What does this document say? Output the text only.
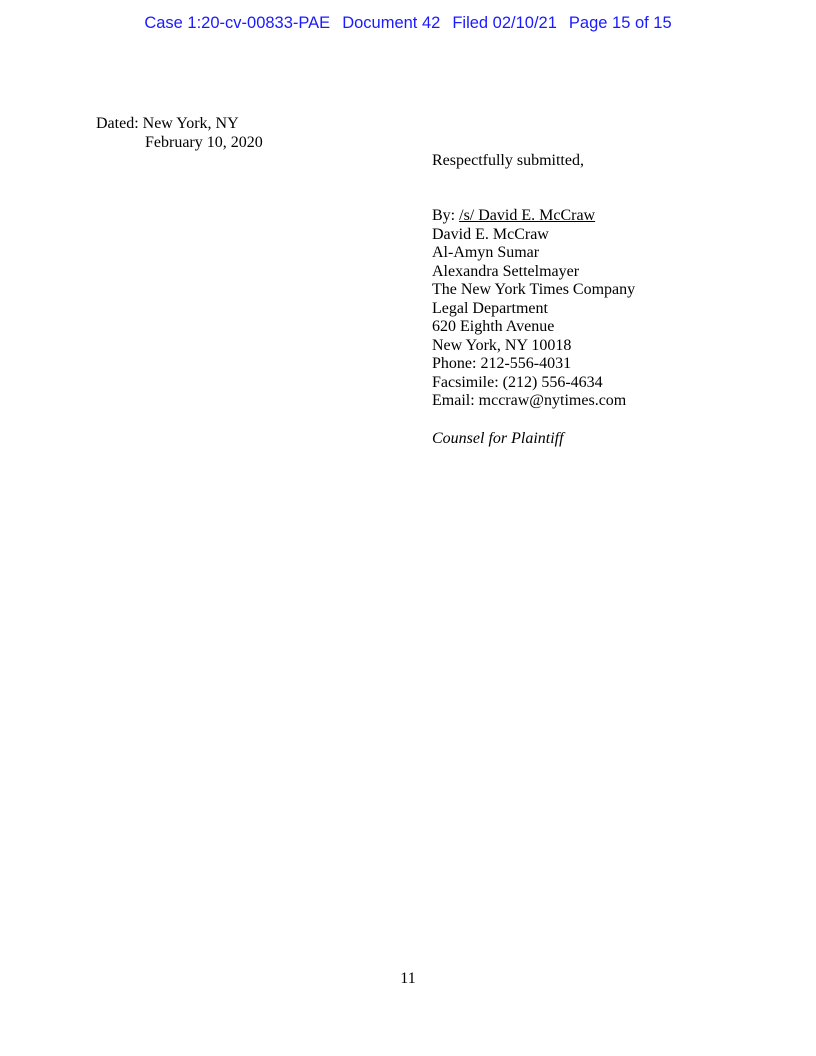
Case 1:20-cv-00833-PAE Document 42 Filed 02/10/21 Page 15 of 15
Dated: New York, NY
February 10, 2020
Respectfully submitted,
By: /s/ David E. McCraw
David E. McCraw
Al-Amyn Sumar
Alexandra Settelmayer
The New York Times Company
Legal Department
620 Eighth Avenue
New York, NY 10018
Phone: 212-556-4031
Facsimile: (212) 556-4634
Email: mccraw@nytimes.com
Counsel for Plaintiff
11
